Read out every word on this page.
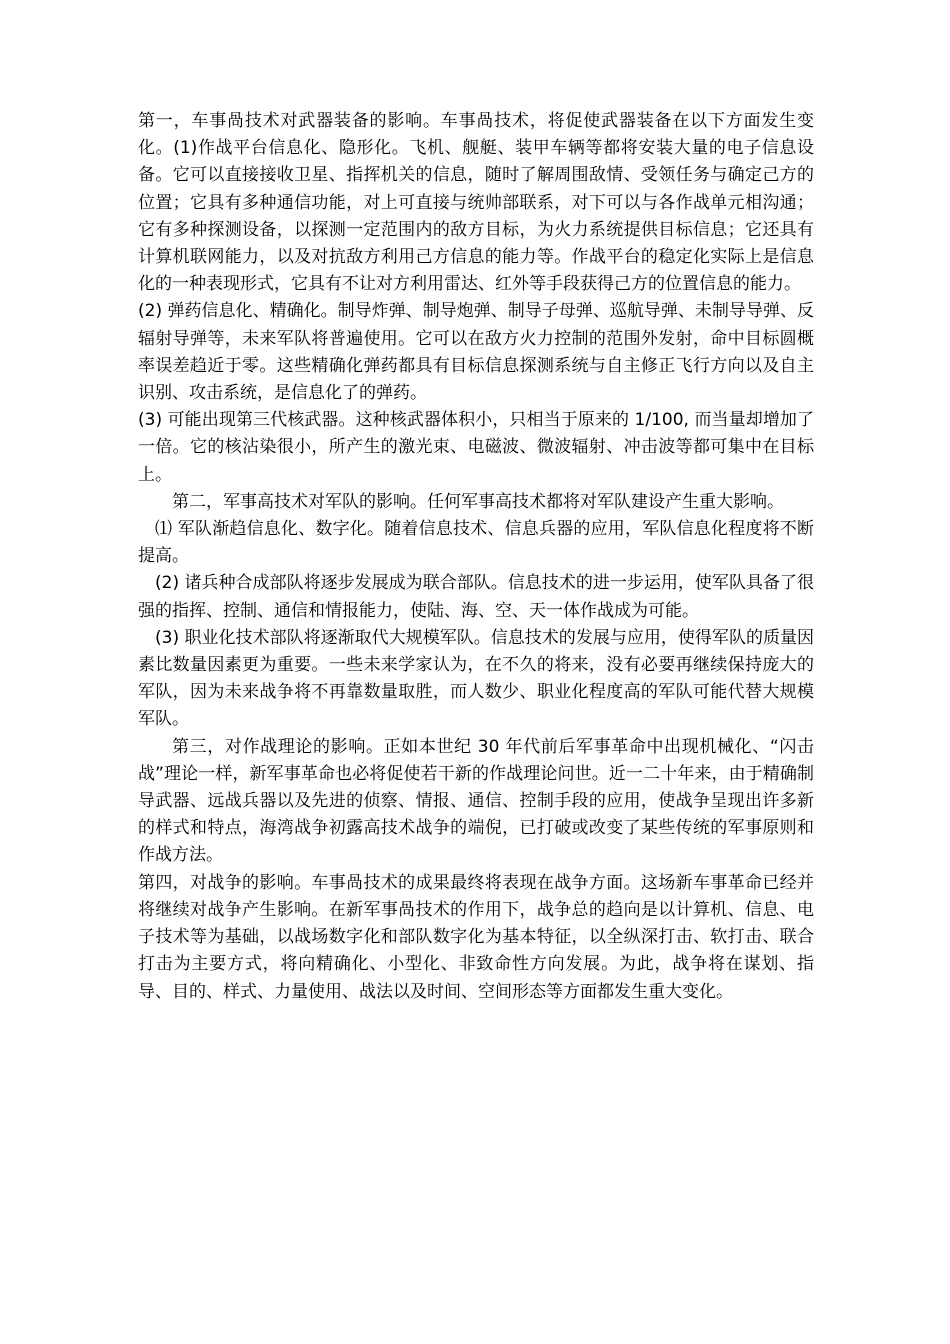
第一，车事咼技术对武器装备的影响。车事咼技术，将促使武器装备在以下方面发生变化。(1)作战平台信息化、隐形化。飞机、舰艇、装甲车辆等都将安装大量的电子信息设备。它可以直接接收卫星、指挥机关的信息，随时了解周围敌情、受领任务与确定己方的位置；它具有多种通信功能，对上可直接与统帅部联系，对下可以与各作战单元相沟通；它有多种探测设备，以探测一定范围内的敌方目标，为火力系统提供目标信息；它还具有计算机联网能力，以及对抗敌方利用己方信息的能力等。作战平台的稳定化实际上是信息化的一种表现形式，它具有不让对方利用雷达、红外等手段获得己方的位置信息的能力。

(2) 弹药信息化、精确化。制导炸弹、制导炮弹、制导子母弹、巡航导弹、未制导导弹、反辐射导弹等，未来军队将普遍使用。它可以在敌方火力控制的范围外发射，命中目标圆概率误差趋近于零。这些精确化弹药都具有目标信息探测系统与自主修正飞行方向以及自主识别、攻击系统，是信息化了的弹药。

(3) 可能出现第三代核武器。这种核武器体积小，只相当于原来的 1/100, 而当量却增加了一倍。它的核沾染很小，所产生的激光束、电磁波、微波辐射、冲击波等都可集中在目标上。

第二，军事高技术对军队的影响。任何军事高技术都将对军队建设产生重大影响。

⑴ 军队渐趋信息化、数字化。随着信息技术、信息兵器的应用，军队信息化程度将不断提高。

(2) 诸兵种合成部队将逐步发展成为联合部队。信息技术的进一步运用，使军队具备了很强的指挥、控制、通信和情报能力，使陆、海、空、天一体作战成为可能。

(3) 职业化技术部队将逐渐取代大规模军队。信息技术的发展与应用，使得军队的质量因素比数量因素更为重要。一些未来学家认为，在不久的将来，没有必要再继续保持庞大的军队，因为未来战争将不再靠数量取胜，而人数少、职业化程度高的军队可能代替大规模军队。

第三，对作战理论的影响。正如本世纪 30 年代前后军事革命中出现机械化、“闪击战”理论一样，新军事革命也必将促使若干新的作战理论问世。近一二十年来，由于精确制导武器、远战兵器以及先进的侦察、情报、通信、控制手段的应用，使战争呈现出许多新的样式和特点，海湾战争初露高技术战争的端倪，已打破或改变了某些传统的军事原则和作战方法。

第四，对战争的影响。车事咼技术的成果最终将表现在战争方面。这场新车事革命已经并将继续对战争产生影响。在新军事咼技术的作用下，战争总的趋向是以计算机、信息、电子技术等为基础，以战场数字化和部队数字化为基本特征，以全纵深打击、软打击、联合打击为主要方式，将向精确化、小型化、非致命性方向发展。为此，战争将在谋划、指导、目的、样式、力量使用、战法以及时间、空间形态等方面都发生重大变化。
